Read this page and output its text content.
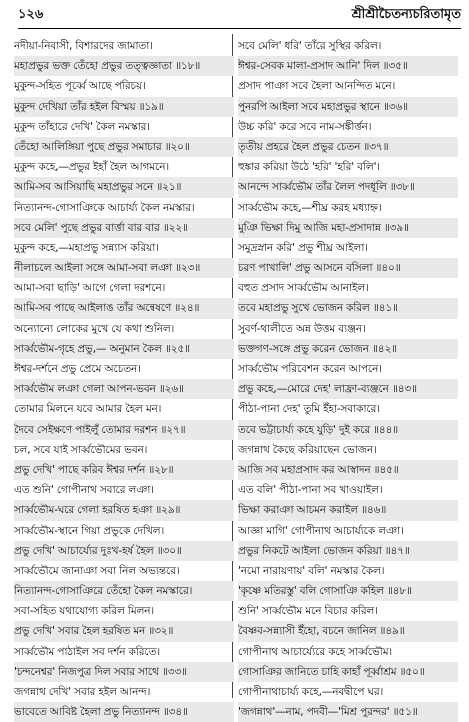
১২৬	শ্রীশ্রীচৈতন্যচরিতামৃত
নদীয়া-নিবাসী, বিশারদের জামাতা।
মহাপ্রভুর ভক্ত তেঁহো প্রভুর তত্ত্বজ্ঞাতা ॥১৮॥
মুকুন্দ-সহিত পূর্ব্বে আছে পরিচয়।
মুকুন্দ দেখিয়া তাঁর হইল বিস্ময় ॥১৯॥
মুকুন্দ তাঁহারে দেখি' কৈল নমস্কার।
তেঁহো আলিঙ্গিয়া পুছে প্রভুর সমাচার ॥২০॥
মুকুন্দ কহে,—প্রভুর ইহাঁ হৈল আগমনে।
আমি-সব আসিয়াছি মহাপ্রভুর সনে ॥২১॥
নিত্যানন্দ-গোসাঞিকে আচার্য্য কৈল নমস্কার।
সবে মেলি' পুছে প্রভুর বার্ত্তা বার বার ॥২২॥
মুকুন্দ কহে,—মহাপ্রভু সন্ন্যাস করিয়া।
নীলাচলে আইলা সঙ্গে আমা-সবা লঞা ॥২৩॥
আমা-সবা ছাড়ি' আগে গেলা দরশনে।
আমি-সব পাছে আইলাঙ তাঁর অন্বেষণে ॥২৪॥
অন্যোন্যে লোকের মুখে যে কথা শুনিল।
সার্ব্বভৌম-গৃহে প্রভু,— অনুমান কৈল ॥২৫॥
ঈশ্বর-দর্শনে প্রভু প্রেমে অচেতন।
সার্ব্বভৌম লঞা গেলা আপন-ভবন ॥২৬॥
তোমার মিলনে যবে আমার হৈল মন।
দৈবে সেইক্ষণে পাইলুঁ তোমার দরশন ॥২৭॥
চল, সবে যাই সার্ব্বভৌমের ভবন।
প্রভু দেখি' পাছে করিব ঈশ্বর দর্শন ॥২৮॥
এত শুনি' গোপীনাথ সবারে লঞা।
সার্ব্বভৌম-ঘরে গেলা হরষিত হঞা ॥২৯॥
সার্ব্বভৌম-স্থানে গিয়া প্রভুকে দেখিল।
প্রভু দেখি' আচার্য্যের দুঃখ-হর্ষ হৈল ॥৩০॥
সার্ব্বভৌমে জানাঞা সবা নিল অভ্যন্তরে।
নিত্যানন্দ-গোসাঞিরে তেঁহো কৈল নমস্কারে।
সবা-সহিত যথাযোগ্য করিল মিলন।
প্রভু দেখি' সবার হৈল হরষিত মন ॥৩২॥
সার্ব্বভৌম পাঠাইল সব দর্শন করিতে।
'চন্দনেশ্বর' নিজপুত্র দিল সবার সাথে ॥৩৩॥
জগন্নাথ দেখি' সবার হইল আনন্দ।
ভাবেতে আবিষ্ট হৈলা প্রভু নিত্যানন্দ ॥৩৪॥
সবে মেলি' ধরি' তাঁরে সুস্থির করিল।
ঈশ্বর-সেবক মালা-প্রসাদ আনি' দিল ॥৩৫॥
প্রসাদ পাঞা সবে হৈলা আনন্দিত মনে।
পুনরপি আইলা সবে মহাপ্রভুর স্থানে ॥৩৬॥
উচ্চ করি' করে সবে নাম-সঙ্কীর্ত্তন।
তৃতীয় প্রহরে হৈল প্রভুর চেতন ॥৩৭॥
হুঙ্কার করিয়া উঠে 'হরি' 'হরি' বলি'।
আনন্দে সার্ব্বভৌম তাঁর লৈল পদধূলি ॥৩৮॥
সার্ব্বভৌম কহে,—শীঘ্র করহ মধ্যাহ্ন।
মুঞি ভিক্ষা দিমু আজি মহা-প্রসাদান্ন ॥৩৯॥
সমুদ্রস্নান করি' প্রভু শীঘ্র আইলা।
চরণ পাখালি' প্রভু আসনে বসিলা ॥৪০॥
বহুত প্রসাদ সার্ব্বভৌম আনাইল।
তবে মহাপ্রভু সুখে ভোজন করিল ॥৪১॥
সুবর্ণ-থালীতে অন্ন উত্তম ব্যঞ্জন।
ভক্তগণ-সঙ্গে প্রভু করেন ভোজন ॥৪২॥
সার্ব্বভৌম পরিবেশন করেন আপনে।
প্রভু কহে,—মোরে দেহ' লাফ্রা-ব্যঞ্জনে ॥৪৩॥
পীঠা-পানা দেহ' তুমি ইঁহা-সবাকারে।
তবে ভট্টাচার্য্য কহে যুড়ি' দুই করে ॥৪৪॥
জগন্নাথ কৈছে করিয়াছেন ভোজন।
আজি সব মহাপ্রসাদ কর আস্বাদন ॥৪৫॥
এত বলি' পীঠা-পানা সব খাওয়াইল।
ভিক্ষা করাঞা আচমন করাইল ॥৪৬॥
আজ্ঞা মাগি' গোপীনাথ আচার্য্যকে লঞা।
প্রভুর নিকটে আইলা ভোজন করিয়া ॥৪৭॥
'নমো নারায়ণায়' বলি' নমস্কার কৈল।
'কৃষ্ণে মতিরস্তু' বলি গোসাঞি কহিল ॥৪৮॥
শুনি' সার্ব্বভৌম মনে বিচার করিল।
বৈষ্ণব-সন্ন্যাসী ইঁহো, বচনে জানিল ॥৪৯॥
গোপীনাথ আচার্য্যেরে কহে সার্ব্বভৌম।
গোসাঞির জানিতে চাহি কাহাঁ পূর্ব্বাশ্রম ॥৫০॥
গোপীনাথাচার্য্য কহে,—নবদ্বীপে ঘর।
'জগন্নাথ'—নাম, পদবী—'মিশ্র পুরন্দর' ॥৫১॥
